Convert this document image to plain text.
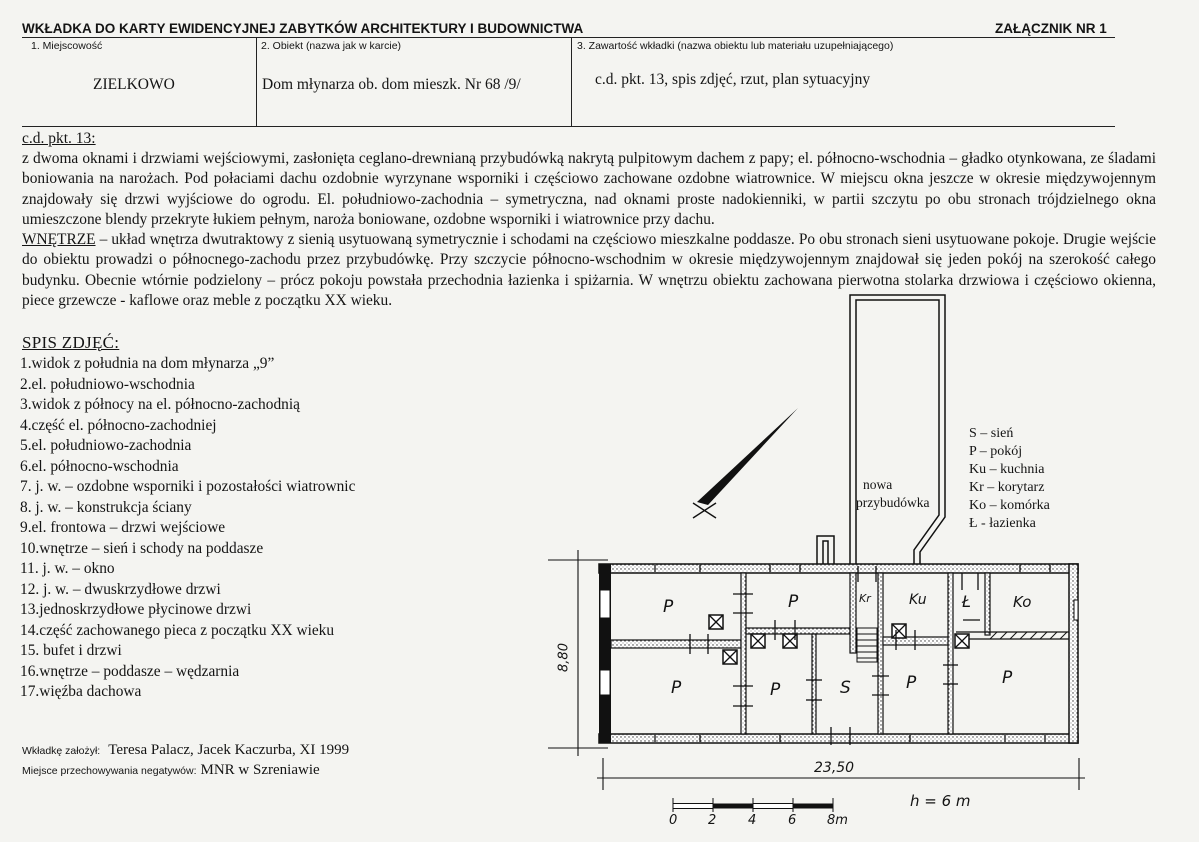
WKŁADKA DO KARTY EWIDENCYJNEJ ZABYTKÓW ARCHITEKTURY I BUDOWNICTWA	ZAŁĄCZNIK NR 1
1. Miejscowość
ZIELKOWO
2. Obiekt (nazwa jak w karcie)
Dom młynarza ob. dom mieszk. Nr 68 /9/
3. Zawartość wkładki (nazwa obiektu lub materiału uzupełniającego)
c.d. pkt. 13, spis zdjęć, rzut, plan sytuacyjny
c.d. pkt. 13:

z dwoma oknami i drzwiami wejściowymi, zasłonięta ceglano-drewnianą przybudówką nakrytą pulpitowym dachem z papy; el. północno-wschodnia – gładko otynkowana, ze śladami boniowania na narożach. Pod połaciami dachu ozdobnie wyrzynane wsporniki i częściowo zachowane ozdobne wiatrownice. W miejscu okna jeszcze w okresie międzywojennym znajdowały się drzwi wyjściowe do ogrodu. El. południowo-zachodnia – symetryczna, nad oknami proste nadokienniki, w partii szczytu po obu stronach trójdzielnego okna umieszczone blendy przekryte łukiem pełnym, naroża boniowane, ozdobne wsporniki i wiatrownice przy dachu.

WNĘTRZE – układ wnętrza dwutraktowy z sienią usytuowaną symetrycznie i schodami na częściowo mieszkalne poddasze. Po obu stronach sieni usytuowane pokoje. Drugie wejście do obiektu prowadzi o północnego-zachodu przez przybudówkę. Przy szczycie północno-wschodnim w okresie międzywojennym znajdował się jeden pokój na szerokość całego budynku. Obecnie wtórnie podzielony – prócz pokoju powstała przechodnia łazienka i spiżarnia. W wnętrzu obiektu zachowana pierwotna stolarka drzwiowa i częściowo okienna, piece grzewcze - kaflowe oraz meble z początku XX wieku.

SPIS ZDJĘĆ:
1.widok z południa na dom młynarza „9”
2.el. południowo-wschodnia
3.widok z północy na el. północno-zachodnią
4.część el. północno-zachodniej
5.el. południowo-zachodnia
6.el. północno-wschodnia
7. j. w. – ozdobne wsporniki i pozostałości wiatrownic
8. j. w. – konstrukcja ściany
9.el. frontowa – drzwi wejściowe
10.wnętrze – sień i schody na poddasze
11. j. w. – okno
12. j. w. – dwuskrzydłowe drzwi
13.jednoskrzydłowe płycinowe drzwi
14.część zachowanego pieca z początku XX wieku
15. bufet i drzwi
16.wnętrze – poddasze – wędzarnia
17.więźba dachowa
S – sień
P – pokój
Ku – kuchnia
Kr – korytarz
Ko – komórka
Ł - łazienka
nowa
przybudówka
P	P	Kr	Ku Ł	Ko
P	P	S	P	P
8,80
23,50
h = 6 m
0 2 4 6 8m
Wkładkę założył: Teresa Palacz, Jacek Kaczurba, XI 1999
Miejsce przechowywania negatywów: MNR w Szreniawie
